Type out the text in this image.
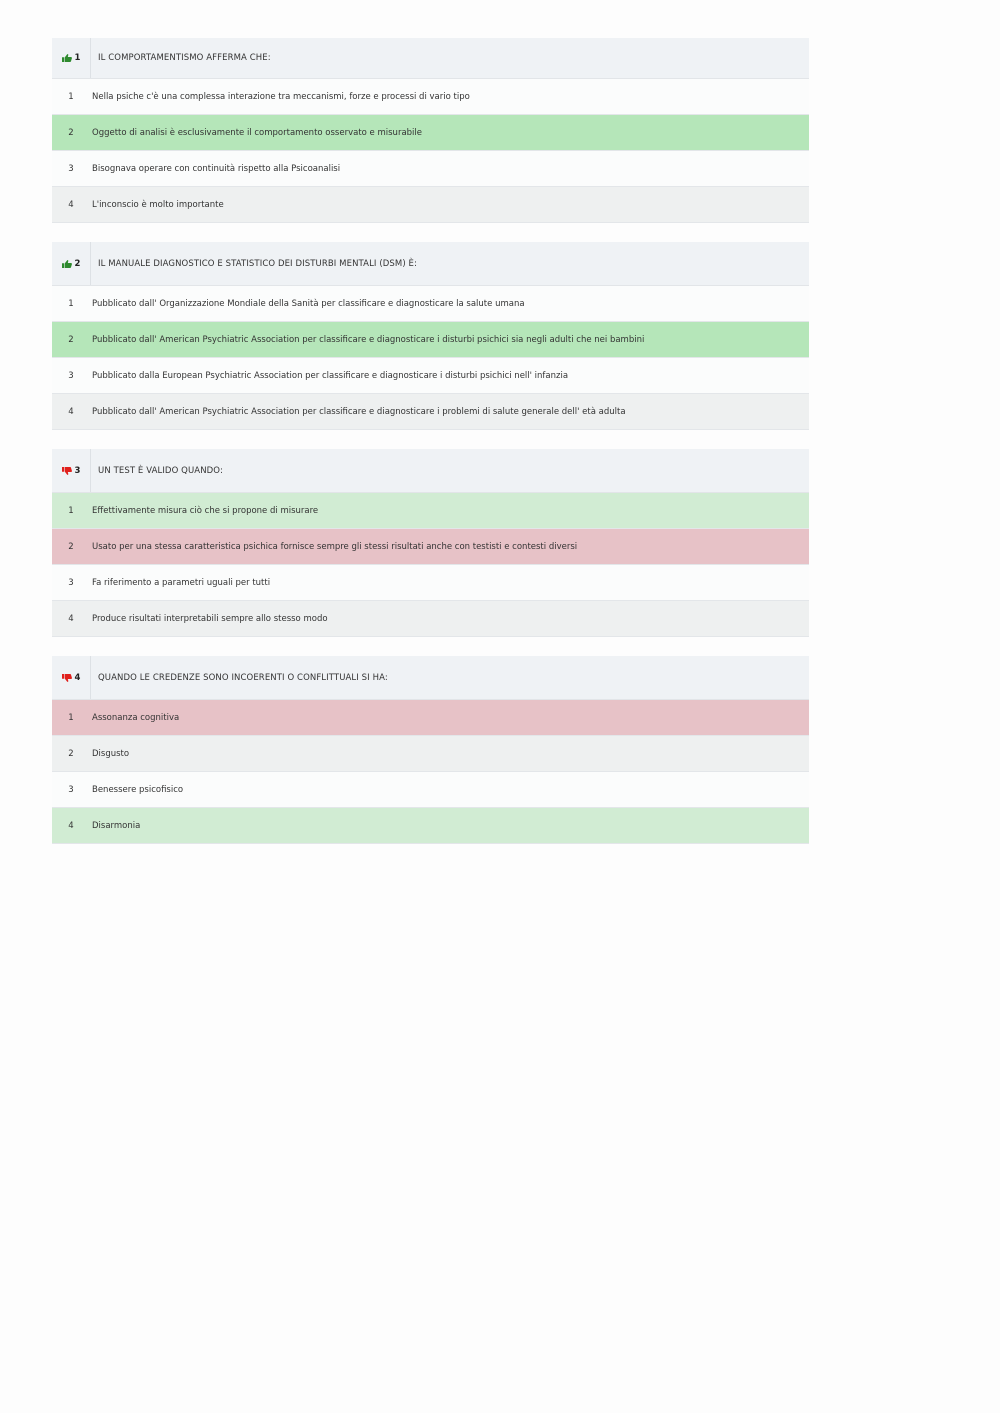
1	IL COMPORTAMENTISMO AFFERMA CHE:
1	Nella psiche c'è una complessa interazione tra meccanismi, forze e processi di vario tipo
2	Oggetto di analisi è esclusivamente il comportamento osservato e misurabile
3	Bisognava operare con continuità rispetto alla Psicoanalisi
4	L'inconscio è molto importante
2	IL MANUALE DIAGNOSTICO E STATISTICO DEI DISTURBI MENTALI (DSM) È:
1	Pubblicato dall' Organizzazione Mondiale della Sanità per classificare e diagnosticare la salute umana
2	Pubblicato dall' American Psychiatric Association per classificare e diagnosticare i disturbi psichici sia negli adulti che nei bambini
3	Pubblicato dalla European Psychiatric Association per classificare e diagnosticare i disturbi psichici nell' infanzia
4	Pubblicato dall' American Psychiatric Association per classificare e diagnosticare i problemi di salute generale dell' età adulta
3	UN TEST È VALIDO QUANDO:
1	Effettivamente misura ciò che si propone di misurare
2	Usato per una stessa caratteristica psichica fornisce sempre gli stessi risultati anche con testisti e contesti diversi
3	Fa riferimento a parametri uguali per tutti
4	Produce risultati interpretabili sempre allo stesso modo
4	QUANDO LE CREDENZE SONO INCOERENTI O CONFLITTUALI SI HA:
1	Assonanza cognitiva
2	Disgusto
3	Benessere psicofisico
4	Disarmonia
